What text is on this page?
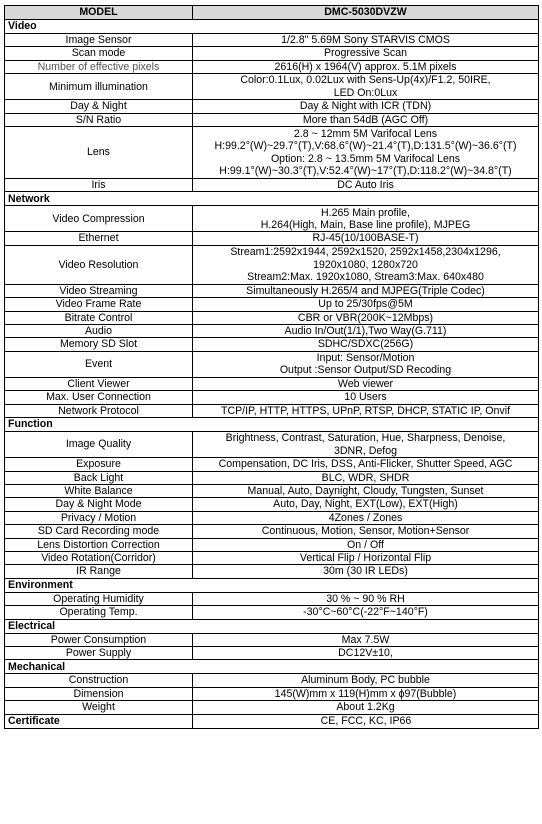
MODEL	DMC-5030DVZW
Video	
Image Sensor	1/2.8" 5.69M Sony STARVIS CMOS

Scan mode	Progressive Scan

Number of effective pixels	2616(H) x 1964(V) approx. 5.1M pixels

Minimum illumination	Color:0.1Lux, 0.02Lux with Sens-Up(4x)/F1.2, 50IRE,
LED On:0Lux

Day & Night	Day & Night with ICR (TDN)

S/N Ratio	More than 54dB (AGC Off)

Lens	2.8 ~ 12mm 5M Varifocal Lens
H:99.2°(W)~29.7°(T),V:68.6°(W)~21.4°(T),D:131.5°(W)~36.6°(T)
Option: 2.8 ~ 13.5mm 5M Varifocal Lens
H:99.1°(W)~30.3°(T),V:52.4°(W)~17°(T),D:118.2°(W)~34.8°(T)

Iris	DC Auto Iris

Network	
Video Compression	H.265 Main profile,
H.264(High, Main, Base line profile), MJPEG

Ethernet	RJ-45(10/100BASE-T)

Video Resolution	Stream1:2592x1944, 2592x1520, 2592x1458,2304x1296,
1920x1080, 1280x720
Stream2:Max. 1920x1080, Stream3:Max. 640x480

Video Streaming	Simultaneously H.265/4 and MJPEG(Triple Codec)

Video Frame Rate	Up to 25/30fps@5M

Bitrate Control	CBR or VBR(200K~12Mbps)

Audio	Audio In/Out(1/1),Two Way(G.711)

Memory SD Slot	SDHC/SDXC(256G)

Event	Input: Sensor/Motion
Output :Sensor Output/SD Recoding

Client Viewer	Web viewer

Max. User Connection	10 Users

Network Protocol	TCP/IP, HTTP, HTTPS, UPnP, RTSP, DHCP, STATIC IP, Onvif

Function	
Image Quality	Brightness, Contrast, Saturation, Hue, Sharpness, Denoise,
3DNR, Defog

Exposure	Compensation, DC Iris, DSS, Anti-Flicker, Shutter Speed, AGC

Back Light	BLC, WDR, SHDR

White Balance	Manual, Auto, Daynight, Cloudy, Tungsten, Sunset

Day & Night Mode	Auto, Day, Night, EXT(Low), EXT(High)

Privacy / Motion	4Zones / Zones

SD Card Recording mode	Continuous, Motion, Sensor, Motion+Sensor

Lens Distortion Correction	On / Off

Video Rotation(Corridor)	Vertical Flip / Horizontal Flip

IR Range	30m (30 IR LEDs)

Environment	
Operating Humidity	30 % ~ 90 % RH

Operating Temp.	-30°C~60°C(-22°F~140°F)

Electrical	
Power Consumption	Max 7.5W

Power Supply	DC12V±10,

Mechanical	
Construction	Aluminum Body, PC bubble

Dimension	145(W)mm x 119(H)mm x ɸ97(Bubble)

Weight	About 1.2Kg

Certificate	CE, FCC, KC, IP66
